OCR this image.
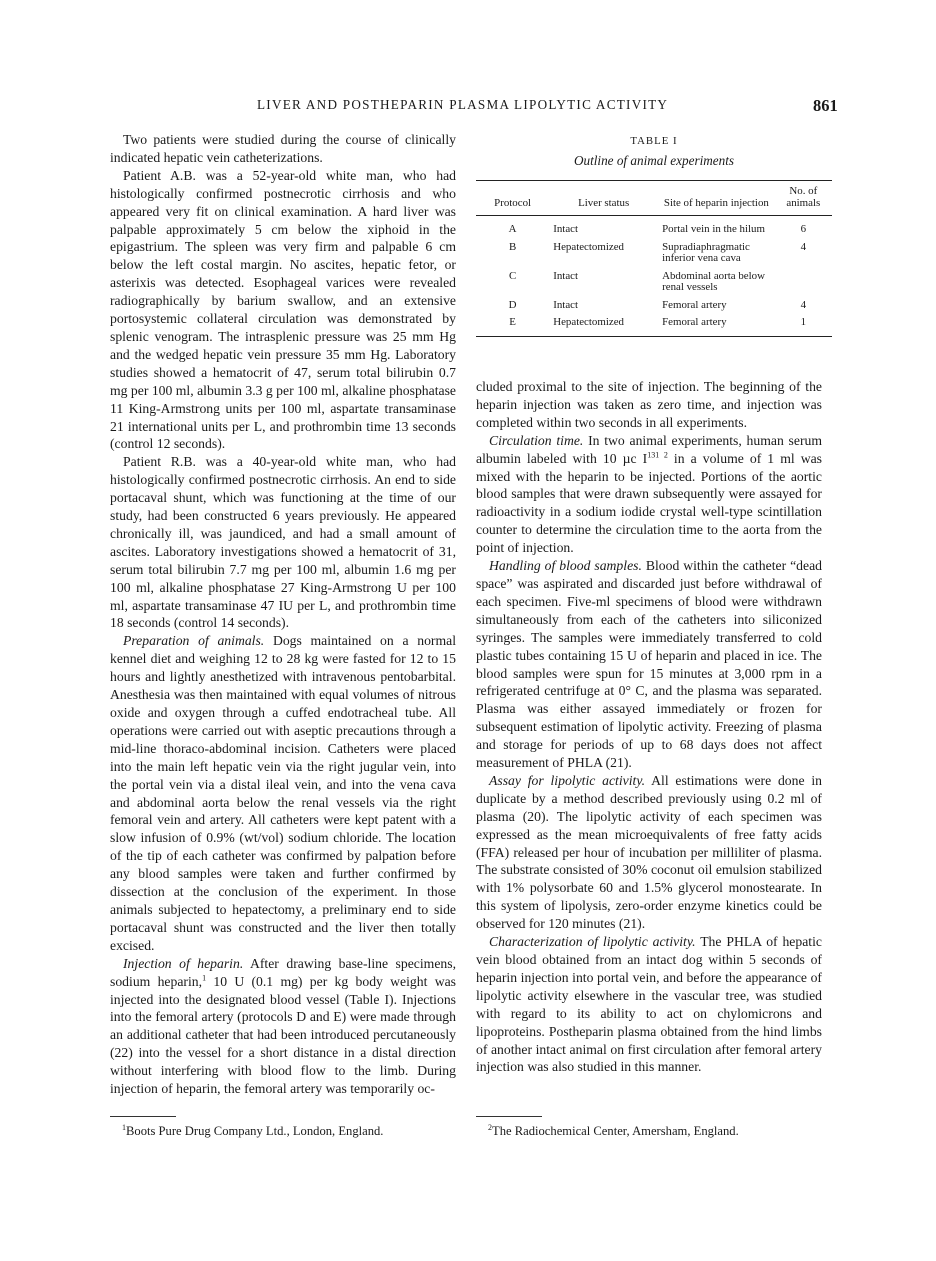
LIVER AND POSTHEPARIN PLASMA LIPOLYTIC ACTIVITY	861

Two patients were studied during the course of clinically indicated hepatic vein catheterizations.

Patient A.B. was a 52-year-old white man, who had histologically confirmed postnecrotic cirrhosis and who appeared very fit on clinical examination. A hard liver was palpable approximately 5 cm below the xiphoid in the epigastrium. The spleen was very firm and palpable 6 cm below the left costal margin. No ascites, hepatic fetor, or asterixis was detected. Esophageal varices were revealed radiographically by barium swallow, and an extensive portosystemic collateral circulation was demonstrated by splenic venogram. The intrasplenic pressure was 25 mm Hg and the wedged hepatic vein pressure 35 mm Hg. Laboratory studies showed a hematocrit of 47, serum total bilirubin 0.7 mg per 100 ml, albumin 3.3 g per 100 ml, alkaline phosphatase 11 King-Armstrong units per 100 ml, aspartate transaminase 21 international units per L, and prothrombin time 13 seconds (control 12 seconds).

Patient R.B. was a 40-year-old white man, who had histologically confirmed postnecrotic cirrhosis. An end to side portacaval shunt, which was functioning at the time of our study, had been constructed 6 years previously. He appeared chronically ill, was jaundiced, and had a small amount of ascites. Laboratory investigations showed a hematocrit of 31, serum total bilirubin 7.7 mg per 100 ml, albumin 1.6 mg per 100 ml, alkaline phosphatase 27 King-Armstrong U per 100 ml, aspartate transaminase 47 IU per L, and prothrombin time 18 seconds (control 14 seconds).

Preparation of animals. Dogs maintained on a normal kennel diet and weighing 12 to 28 kg were fasted for 12 to 15 hours and lightly anesthetized with intravenous pentobarbital. Anesthesia was then maintained with equal volumes of nitrous oxide and oxygen through a cuffed endotracheal tube. All operations were carried out with aseptic precautions through a mid-line thoraco-abdominal incision. Catheters were placed into the main left hepatic vein via the right jugular vein, into the portal vein via a distal ileal vein, and into the vena cava and abdominal aorta below the renal vessels via the right femoral vein and artery. All catheters were kept patent with a slow infusion of 0.9% (wt/vol) sodium chloride. The location of the tip of each catheter was confirmed by palpation before any blood samples were taken and further confirmed by dissection at the conclusion of the experiment. In those animals subjected to hepatectomy, a preliminary end to side portacaval shunt was constructed and the liver then totally excised.

Injection of heparin. After drawing base-line specimens, sodium heparin,$^1$ 10 U (0.1 mg) per kg body weight was injected into the designated blood vessel (Table I). Injections into the femoral artery (protocols D and E) were made through an additional catheter that had been introduced percutaneously (22) into the vessel for a short distance in a distal direction without interfering with blood flow to the limb. During injection of heparin, the femoral artery was temporarily oc-

TABLE I
Outline of animal experiments
Protocol	Liver status	Site of heparin injection	No. of animals
A	Intact	Portal vein in the hilum	6
B	Hepatectomized	Supradiaphragmatic inferior vena cava	4
C	Intact	Abdominal aorta below renal vessels	
D	Intact	Femoral artery	4
E	Hepatectomized	Femoral artery	1

cluded proximal to the site of injection. The beginning of the heparin injection was taken as zero time, and injection was completed within two seconds in all experiments.

Circulation time. In two animal experiments, human serum albumin labeled with 10 µc $I^{131 2}$ in a volume of 1 ml was mixed with the heparin to be injected. Portions of the aortic blood samples that were drawn subsequently were assayed for radioactivity in a sodium iodide crystal well-type scintillation counter to determine the circulation time to the aorta from the point of injection.

Handling of blood samples. Blood within the catheter “dead space” was aspirated and discarded just before withdrawal of each specimen. Five-ml specimens of blood were withdrawn simultaneously from each of the catheters into siliconized syringes. The samples were immediately transferred to cold plastic tubes containing 15 U of heparin and placed in ice. The blood samples were spun for 15 minutes at 3,000 rpm in a refrigerated centrifuge at 0° C, and the plasma was separated. Plasma was either assayed immediately or frozen for subsequent estimation of lipolytic activity. Freezing of plasma and storage for periods of up to 68 days does not affect measurement of PHLA (21).

Assay for lipolytic activity. All estimations were done in duplicate by a method described previously using 0.2 ml of plasma (20). The lipolytic activity of each specimen was expressed as the mean microequivalents of free fatty acids (FFA) released per hour of incubation per milliliter of plasma. The substrate consisted of 30% coconut oil emulsion stabilized with 1% polysorbate 60 and 1.5% glycerol monostearate. In this system of lipolysis, zero-order enzyme kinetics could be observed for 120 minutes (21).

Characterization of lipolytic activity. The PHLA of hepatic vein blood obtained from an intact dog within 5 seconds of heparin injection into portal vein, and before the appearance of lipolytic activity elsewhere in the vascular tree, was studied with regard to its ability to act on chylomicrons and lipoproteins. Postheparin plasma obtained from the hind limbs of another intact animal on first circulation after femoral artery injection was also studied in this manner.

$^1$Boots Pure Drug Company Ltd., London, England.	$^2$The Radiochemical Center, Amersham, England.
